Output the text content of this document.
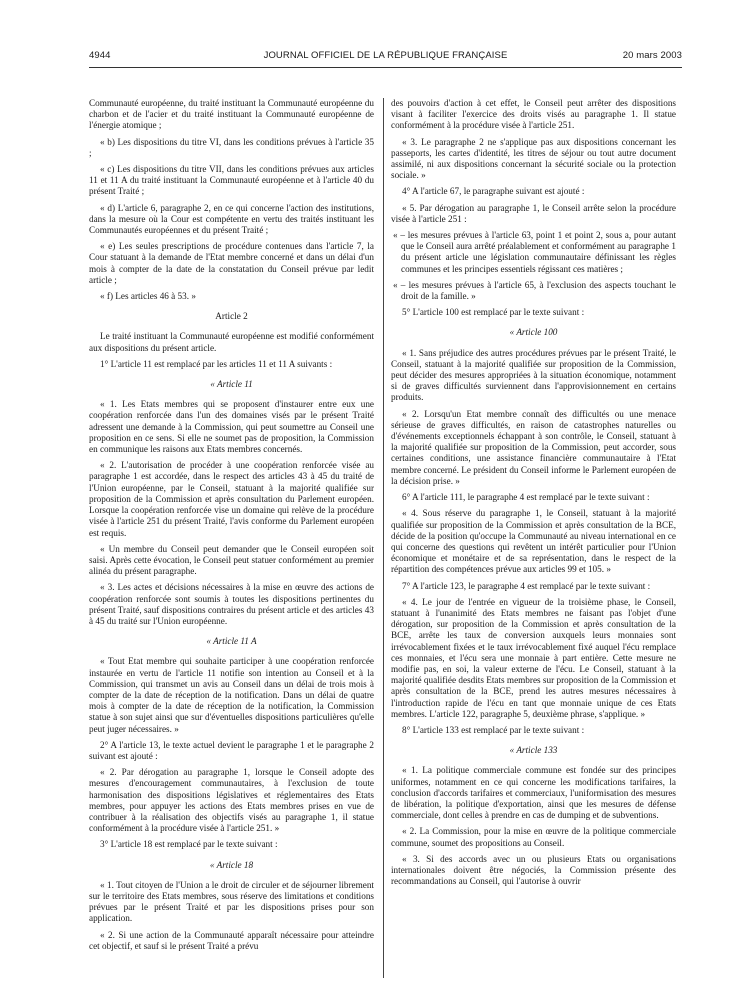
4944	JOURNAL OFFICIEL DE LA RÉPUBLIQUE FRANÇAISE	20 mars 2003

Communauté européenne, du traité instituant la Communauté européenne du charbon et de l'acier et du traité instituant la Communauté européenne de l'énergie atomique ;

« b) Les dispositions du titre VI, dans les conditions prévues à l'article 35 ;

« c) Les dispositions du titre VII, dans les conditions prévues aux articles 11 et 11 A du traité instituant la Communauté européenne et à l'article 40 du présent Traité ;

« d) L'article 6, paragraphe 2, en ce qui concerne l'action des institutions, dans la mesure où la Cour est compétente en vertu des traités instituant les Communautés européennes et du présent Traité ;

« e) Les seules prescriptions de procédure contenues dans l'article 7, la Cour statuant à la demande de l'Etat membre concerné et dans un délai d'un mois à compter de la date de la constatation du Conseil prévue par ledit article ;

« f) Les articles 46 à 53. »

Article 2

Le traité instituant la Communauté européenne est modifié conformément aux dispositions du présent article.

1° L'article 11 est remplacé par les articles 11 et 11 A suivants :

« Article 11

« 1. Les Etats membres qui se proposent d'instaurer entre eux une coopération renforcée dans l'un des domaines visés par le présent Traité adressent une demande à la Commission, qui peut soumettre au Conseil une proposition en ce sens. Si elle ne soumet pas de proposition, la Commission en communique les raisons aux Etats membres concernés.

« 2. L'autorisation de procéder à une coopération renforcée visée au paragraphe 1 est accordée, dans le respect des articles 43 à 45 du traité de l'Union européenne, par le Conseil, statuant à la majorité qualifiée sur proposition de la Commission et après consultation du Parlement européen. Lorsque la coopération renforcée vise un domaine qui relève de la procédure visée à l'article 251 du présent Traité, l'avis conforme du Parlement européen est requis.

« Un membre du Conseil peut demander que le Conseil européen soit saisi. Après cette évocation, le Conseil peut statuer conformément au premier alinéa du présent paragraphe.

« 3. Les actes et décisions nécessaires à la mise en œuvre des actions de coopération renforcée sont soumis à toutes les dispositions pertinentes du présent Traité, sauf dispositions contraires du présent article et des articles 43 à 45 du traité sur l'Union européenne.

« Article 11 A

« Tout Etat membre qui souhaite participer à une coopération renforcée instaurée en vertu de l'article 11 notifie son intention au Conseil et à la Commission, qui transmet un avis au Conseil dans un délai de trois mois à compter de la date de réception de la notification. Dans un délai de quatre mois à compter de la date de réception de la notification, la Commission statue à son sujet ainsi que sur d'éventuelles dispositions particulières qu'elle peut juger nécessaires. »

2° A l'article 13, le texte actuel devient le paragraphe 1 et le paragraphe 2 suivant est ajouté :

« 2. Par dérogation au paragraphe 1, lorsque le Conseil adopte des mesures d'encouragement communautaires, à l'exclusion de toute harmonisation des dispositions législatives et réglementaires des Etats membres, pour appuyer les actions des Etats membres prises en vue de contribuer à la réalisation des objectifs visés au paragraphe 1, il statue conformément à la procédure visée à l'article 251. »

3° L'article 18 est remplacé par le texte suivant :

« Article 18

« 1. Tout citoyen de l'Union a le droit de circuler et de séjourner librement sur le territoire des Etats membres, sous réserve des limitations et conditions prévues par le présent Traité et par les dispositions prises pour son application.

« 2. Si une action de la Communauté apparaît nécessaire pour atteindre cet objectif, et sauf si le présent Traité a prévu

des pouvoirs d'action à cet effet, le Conseil peut arrêter des dispositions visant à faciliter l'exercice des droits visés au paragraphe 1. Il statue conformément à la procédure visée à l'article 251.

« 3. Le paragraphe 2 ne s'applique pas aux dispositions concernant les passeports, les cartes d'identité, les titres de séjour ou tout autre document assimilé, ni aux dispositions concernant la sécurité sociale ou la protection sociale. »

4° A l'article 67, le paragraphe suivant est ajouté :

« 5. Par dérogation au paragraphe 1, le Conseil arrête selon la procédure visée à l'article 251 :

« – les mesures prévues à l'article 63, point 1 et point 2, sous a, pour autant que le Conseil aura arrêté préalablement et conformément au paragraphe 1 du présent article une législation communautaire définissant les règles communes et les principes essentiels régissant ces matières ;

« – les mesures prévues à l'article 65, à l'exclusion des aspects touchant le droit de la famille. »

5° L'article 100 est remplacé par le texte suivant :

« Article 100

« 1. Sans préjudice des autres procédures prévues par le présent Traité, le Conseil, statuant à la majorité qualifiée sur proposition de la Commission, peut décider des mesures appropriées à la situation économique, notamment si de graves difficultés surviennent dans l'approvisionnement en certains produits.

« 2. Lorsqu'un Etat membre connaît des difficultés ou une menace sérieuse de graves difficultés, en raison de catastrophes naturelles ou d'événements exceptionnels échappant à son contrôle, le Conseil, statuant à la majorité qualifiée sur proposition de la Commission, peut accorder, sous certaines conditions, une assistance financière communautaire à l'Etat membre concerné. Le président du Conseil informe le Parlement européen de la décision prise. »

6° A l'article 111, le paragraphe 4 est remplacé par le texte suivant :

« 4. Sous réserve du paragraphe 1, le Conseil, statuant à la majorité qualifiée sur proposition de la Commission et après consultation de la BCE, décide de la position qu'occupe la Communauté au niveau international en ce qui concerne des questions qui revêtent un intérêt particulier pour l'Union économique et monétaire et de sa représentation, dans le respect de la répartition des compétences prévue aux articles 99 et 105. »

7° A l'article 123, le paragraphe 4 est remplacé par le texte suivant :

« 4. Le jour de l'entrée en vigueur de la troisième phase, le Conseil, statuant à l'unanimité des Etats membres ne faisant pas l'objet d'une dérogation, sur proposition de la Commission et après consultation de la BCE, arrête les taux de conversion auxquels leurs monnaies sont irrévocablement fixées et le taux irrévocablement fixé auquel l'écu remplace ces monnaies, et l'écu sera une monnaie à part entière. Cette mesure ne modifie pas, en soi, la valeur externe de l'écu. Le Conseil, statuant à la majorité qualifiée desdits Etats membres sur proposition de la Commission et après consultation de la BCE, prend les autres mesures nécessaires à l'introduction rapide de l'écu en tant que monnaie unique de ces Etats membres. L'article 122, paragraphe 5, deuxième phrase, s'applique. »

8° L'article 133 est remplacé par le texte suivant :

« Article 133

« 1. La politique commerciale commune est fondée sur des principes uniformes, notamment en ce qui concerne les modifications tarifaires, la conclusion d'accords tarifaires et commerciaux, l'uniformisation des mesures de libération, la politique d'exportation, ainsi que les mesures de défense commerciale, dont celles à prendre en cas de dumping et de subventions.

« 2. La Commission, pour la mise en œuvre de la politique commerciale commune, soumet des propositions au Conseil.

« 3. Si des accords avec un ou plusieurs Etats ou organisations internationales doivent être négociés, la Commission présente des recommandations au Conseil, qui l'autorise à ouvrir
